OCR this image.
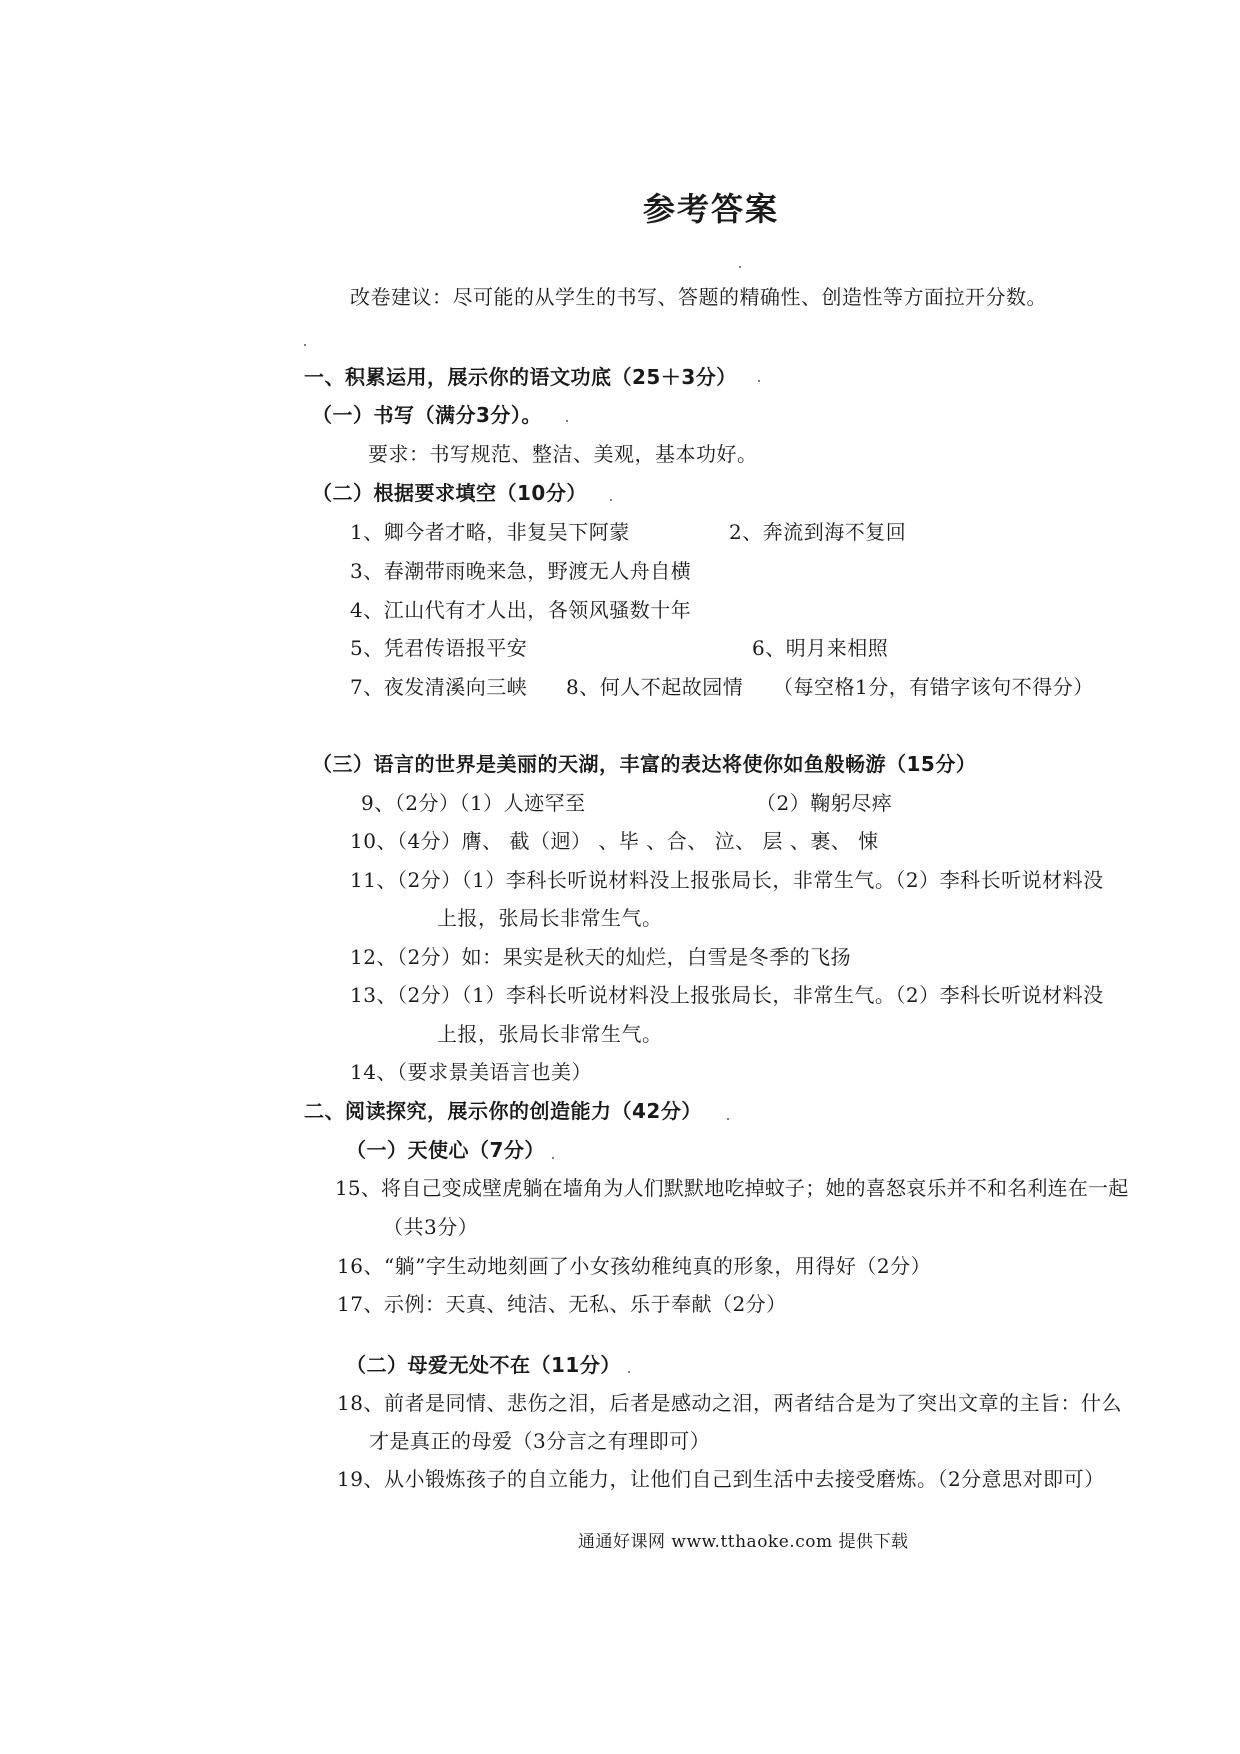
参考答案
改卷建议：尽可能的从学生的书写、答题的精确性、创造性等方面拉开分数。
一、积累运用，展示你的语文功底（25＋3分）
（一）书写（满分3分）。
要求：书写规范、整洁、美观，基本功好。
（二）根据要求填空（10分）
1、卿今者才略，非复吴下阿蒙	2、奔流到海不复回
3、春潮带雨晚来急，野渡无人舟自横
4、江山代有才人出，各领风骚数十年
5、凭君传语报平安	6、明月来相照
7、夜发清溪向三峡 8、何人不起故园情 （每空格1分，有错字该句不得分）
（三）语言的世界是美丽的天湖，丰富的表达将使你如鱼般畅游（15分）
9、（2分）（1）人迹罕至	（2）鞠躬尽瘁
10、（4分）膺、 截（迥） 、毕 、合、 泣、 层 、裹、 悚
11、（2分）（1）李科长听说材料没上报张局长，非常生气。（2）李科长听说材料没
上报，张局长非常生气。
12、（2分）如：果实是秋天的灿烂，白雪是冬季的飞扬
13、（2分）（1）李科长听说材料没上报张局长，非常生气。（2）李科长听说材料没
上报，张局长非常生气。
14、（要求景美语言也美）
二、阅读探究，展示你的创造能力（42分）
（一）天使心（7分）
15、将自己变成壁虎躺在墙角为人们默默地吃掉蚊子；她的喜怒哀乐并不和名利连在一起
（共3分）
16、“躺”字生动地刻画了小女孩幼稚纯真的形象，用得好（2分）
17、示例：天真、纯洁、无私、乐于奉献（2分）
（二）母爱无处不在（11分）
18、前者是同情、悲伤之泪，后者是感动之泪，两者结合是为了突出文章的主旨：什么
才是真正的母爱（3分言之有理即可）
19、从小锻炼孩子的自立能力，让他们自己到生活中去接受磨炼。（2分意思对即可）
通通好课网 www.tthaoke.com 提供下载
